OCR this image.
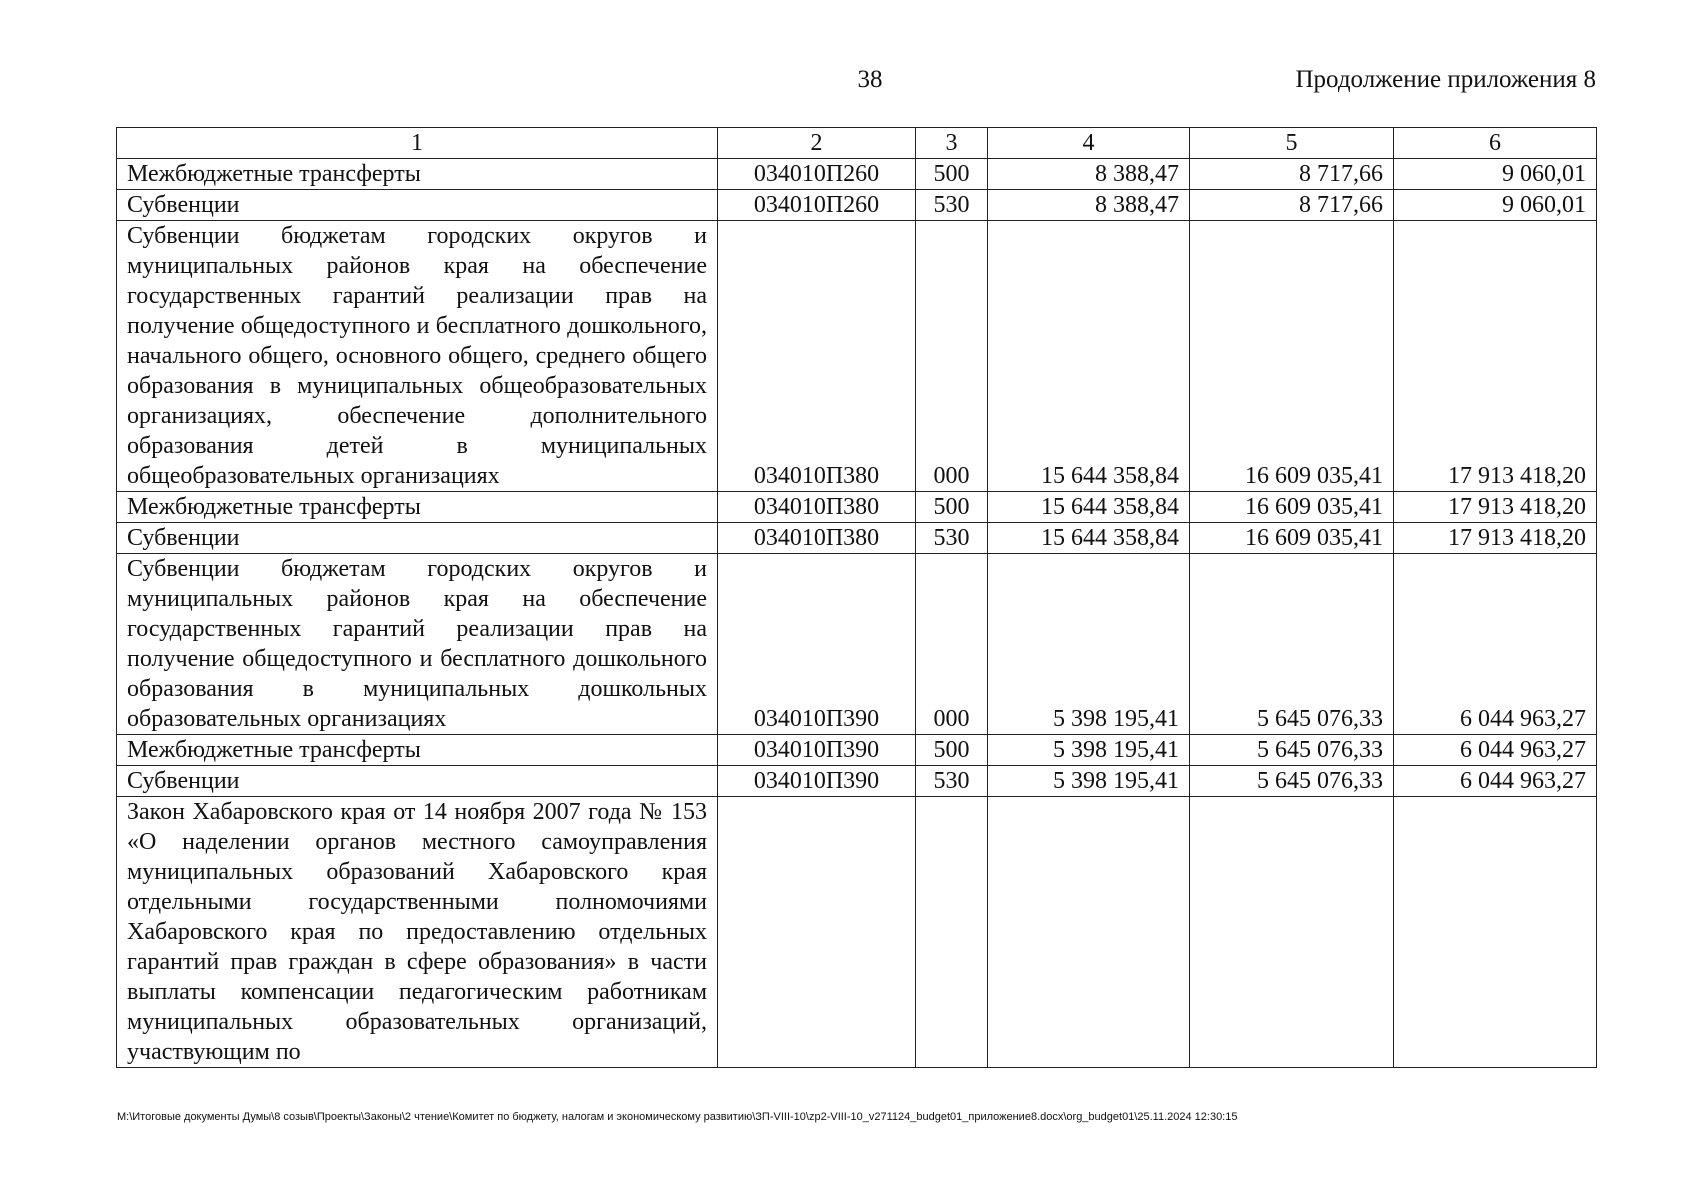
38	Продолжение приложения 8
1	2	3	4	5	6
Межбюджетные трансферты	034010П260	500	8 388,47	8 717,66	9 060,01
Субвенции	034010П260	530	8 388,47	8 717,66	9 060,01
Субвенции бюджетам городских округов и муниципальных районов края на обеспечение государственных гарантий реализации прав на получение общедоступного и бесплатного дошкольного, начального общего, основного общего, среднего общего образования в муниципальных общеобразовательных организациях, обеспечение дополнительного образования детей в муниципальных общеобразовательных организациях	034010П380	000	15 644 358,84	16 609 035,41	17 913 418,20
Межбюджетные трансферты	034010П380	500	15 644 358,84	16 609 035,41	17 913 418,20
Субвенции	034010П380	530	15 644 358,84	16 609 035,41	17 913 418,20
Субвенции бюджетам городских округов и муниципальных районов края на обеспечение государственных гарантий реализации прав на получение общедоступного и бесплатного дошкольного образования в муниципальных дошкольных образовательных организациях	034010П390	000	5 398 195,41	5 645 076,33	6 044 963,27
Межбюджетные трансферты	034010П390	500	5 398 195,41	5 645 076,33	6 044 963,27
Субвенции	034010П390	530	5 398 195,41	5 645 076,33	6 044 963,27
Закон Хабаровского края от 14 ноября 2007 года № 153 «О наделении органов местного самоуправления муниципальных образований Хабаровского края отдельными государственными полномочиями Хабаровского края по предоставлению отдельных гарантий прав граждан в сфере образования» в части выплаты компенсации педагогическим работникам муниципальных образовательных организаций, участвующим по					
M:\Итоговые документы Думы\8 созыв\Проекты\Законы\2 чтение\Комитет по бюджету, налогам и экономическому развитию\ЗП-VIII-10\zp2-VIII-10_v271124_budget01_приложение8.docx\org_budget01\25.11.2024 12:30:15
